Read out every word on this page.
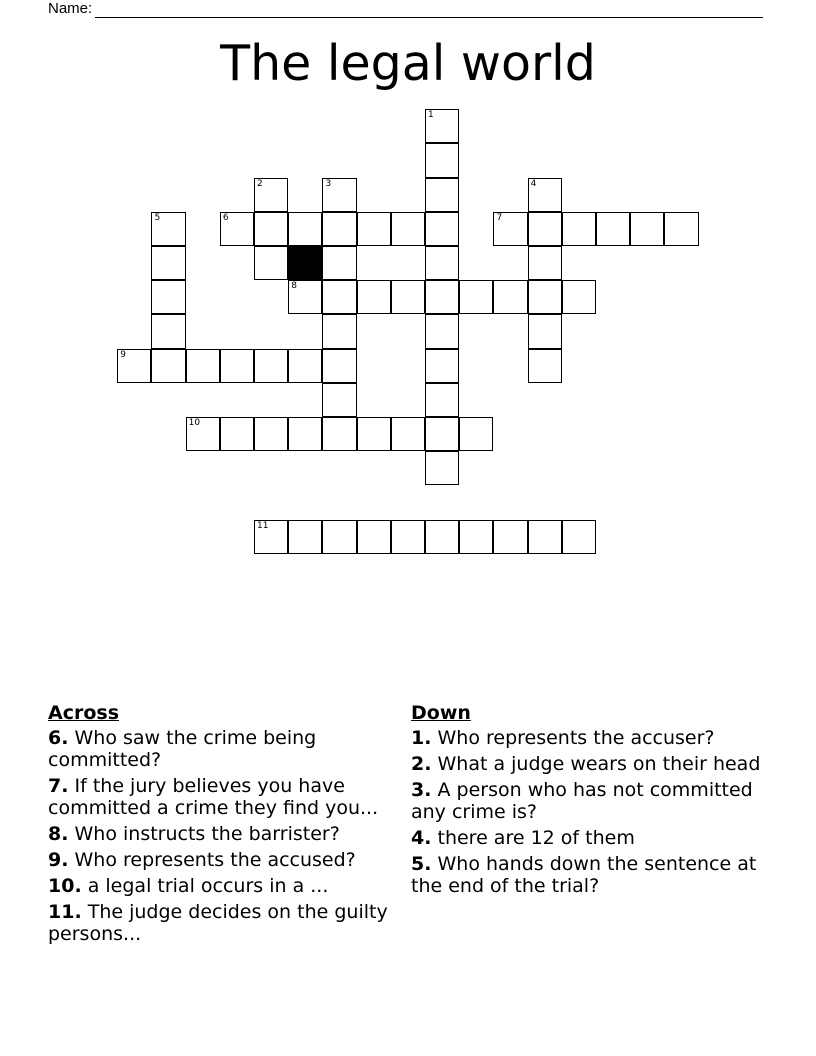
Name:
The legal world
1
2	3	4
5	6	7
8
9
10
11
Across
6. Who saw the crime being committed?
7. If the jury believes you have committed a crime they find you...
8. Who instructs the barrister?
9. Who represents the accused?
10. a legal trial occurs in a ...
11. The judge decides on the guilty persons...
Down
1. Who represents the accuser?
2. What a judge wears on their head
3. A person who has not committed any crime is?
4. there are 12 of them
5. Who hands down the sentence at the end of the trial?
